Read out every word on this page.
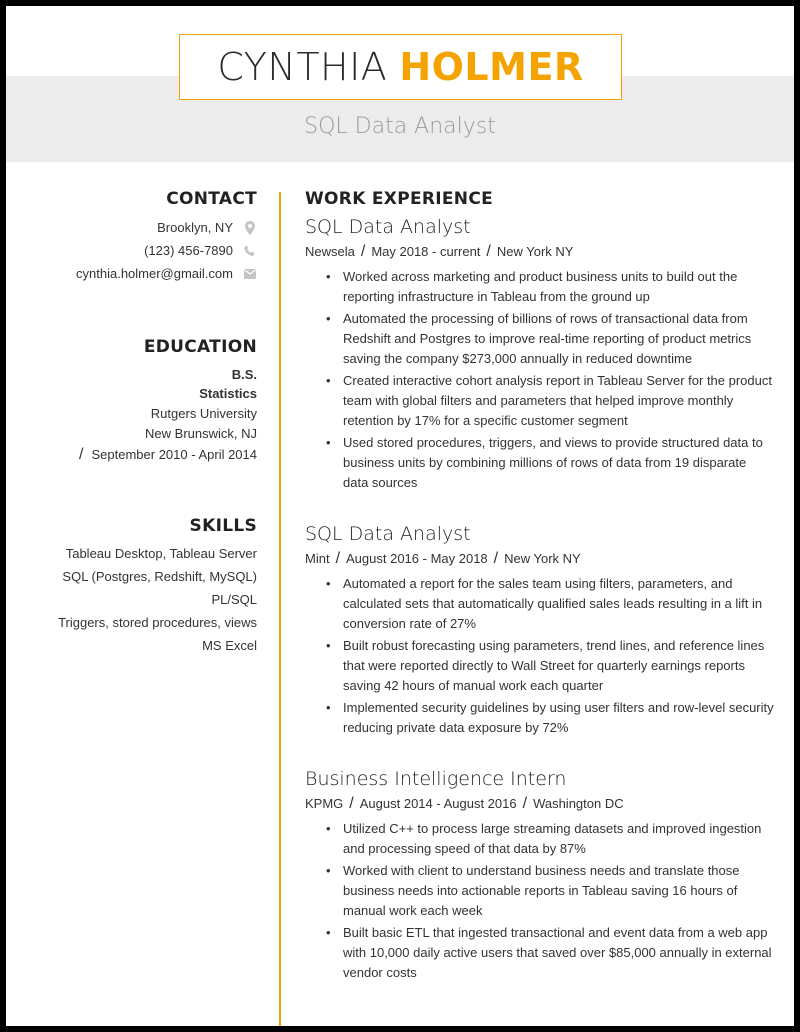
CYNTHIA HOLMER
SQL Data Analyst
CONTACT
Brooklyn, NY
(123) 456-7890
cynthia.holmer@gmail.com
EDUCATION
B.S.
Statistics
Rutgers University
New Brunswick, NJ
/ September 2010 - April 2014
SKILLS
Tableau Desktop, Tableau Server
SQL (Postgres, Redshift, MySQL)
PL/SQL
Triggers, stored procedures, views
MS Excel
WORK EXPERIENCE
SQL Data Analyst
Newsela / May 2018 - current / New York NY
• Worked across marketing and product business units to build out the reporting infrastructure in Tableau from the ground up
• Automated the processing of billions of rows of transactional data from Redshift and Postgres to improve real-time reporting of product metrics saving the company $273,000 annually in reduced downtime
• Created interactive cohort analysis report in Tableau Server for the product team with global filters and parameters that helped improve monthly retention by 17% for a specific customer segment
• Used stored procedures, triggers, and views to provide structured data to business units by combining millions of rows of data from 19 disparate data sources
SQL Data Analyst
Mint / August 2016 - May 2018 / New York NY
• Automated a report for the sales team using filters, parameters, and calculated sets that automatically qualified sales leads resulting in a lift in conversion rate of 27%
• Built robust forecasting using parameters, trend lines, and reference lines that were reported directly to Wall Street for quarterly earnings reports saving 42 hours of manual work each quarter
• Implemented security guidelines by using user filters and row-level security reducing private data exposure by 72%
Business Intelligence Intern
KPMG / August 2014 - August 2016 / Washington DC
• Utilized C++ to process large streaming datasets and improved ingestion and processing speed of that data by 87%
• Worked with client to understand business needs and translate those business needs into actionable reports in Tableau saving 16 hours of manual work each week
• Built basic ETL that ingested transactional and event data from a web app with 10,000 daily active users that saved over $85,000 annually in external vendor costs
